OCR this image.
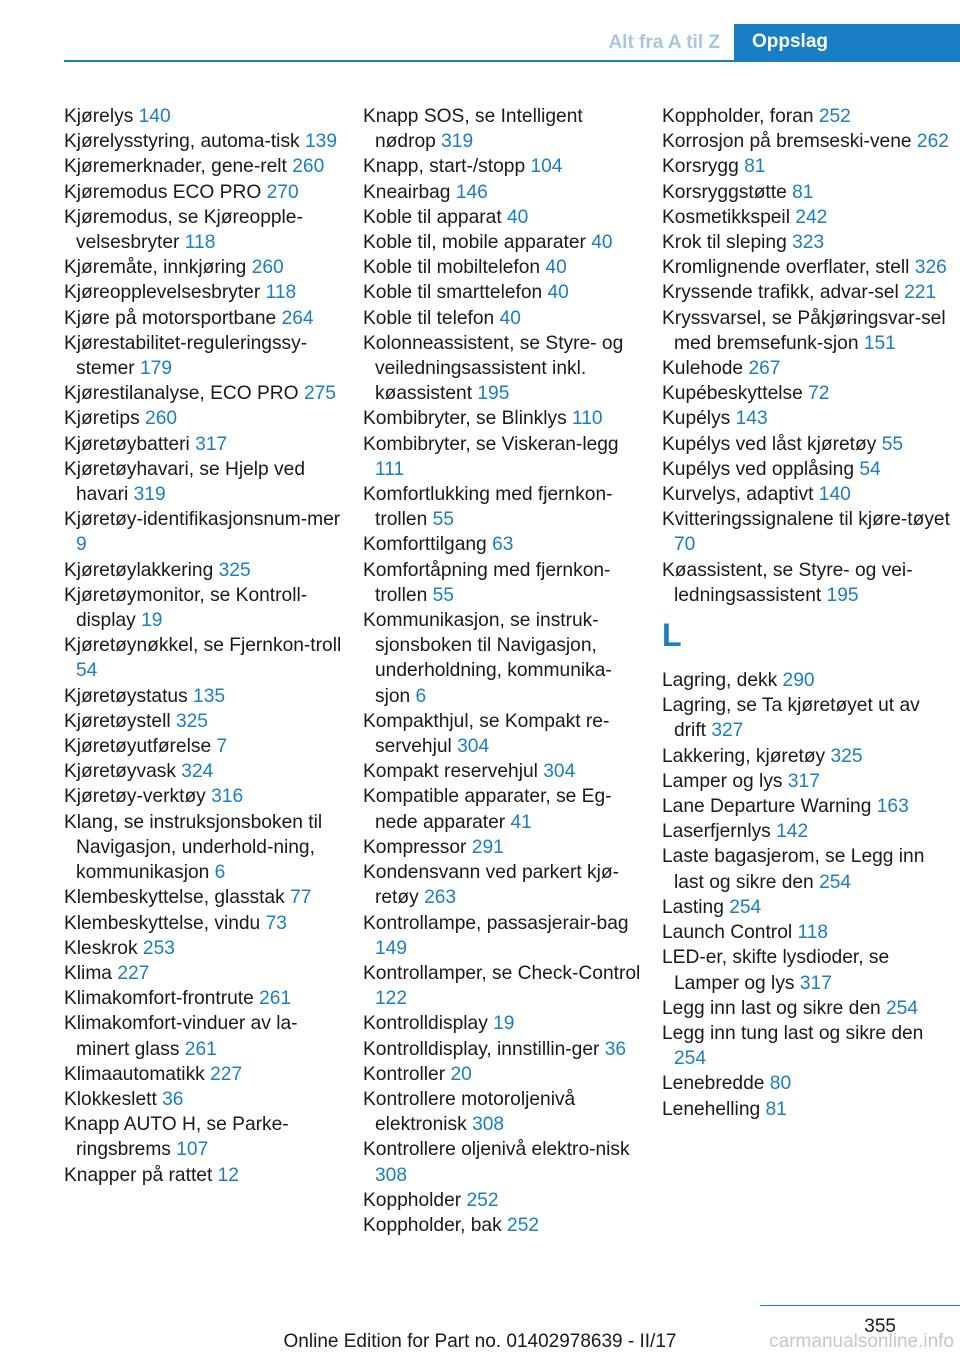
Alt fra A til Z	Oppslag

Kjørelys 140

Kjørelysstyring, automa-tisk 139

Kjøremerknader, gene-relt 260

Kjøremodus ECO PRO 270

Kjøremodus, se Kjøreopple-velsesbryter 118

Kjøremåte, innkjøring 260

Kjøreopplevelsesbryter 118

Kjøre på motorsportbane 264

Kjørestabilitet-reguleringssy-stemer 179

Kjørestilanalyse, ECO PRO 275

Kjøretips 260

Kjøretøybatteri 317

Kjøretøyhavari, se Hjelp ved havari 319

Kjøretøy-identifikasjonsnum-mer 9

Kjøretøylakkering 325

Kjøretøymonitor, se Kontroll-display 19

Kjøretøynøkkel, se Fjernkon-troll 54

Kjøretøystatus 135

Kjøretøystell 325

Kjøretøyutførelse 7

Kjøretøyvask 324

Kjøretøy-verktøy 316

Klang, se instruksjonsboken til Navigasjon, underhold-ning, kommunikasjon 6

Klembeskyttelse, glasstak 77

Klembeskyttelse, vindu 73

Kleskrok 253

Klima 227

Klimakomfort-frontrute 261

Klimakomfort-vinduer av la-minert glass 261

Klimaautomatikk 227

Klokkeslett 36

Knapp AUTO H, se Parke-ringsbrems 107

Knapper på rattet 12

Knapp SOS, se Intelligent nødrop 319

Knapp, start-/stopp 104

Kneairbag 146

Koble til apparat 40

Koble til, mobile apparater 40

Koble til mobiltelefon 40

Koble til smarttelefon 40

Koble til telefon 40

Kolonneassistent, se Styre- og veiledningsassistent inkl. køassistent 195

Kombibryter, se Blinklys 110

Kombibryter, se Viskeran-legg 111

Komfortlukking med fjernkon-trollen 55

Komforttilgang 63

Komfortåpning med fjernkon-trollen 55

Kommunikasjon, se instruk-sjonsboken til Navigasjon, underholdning, kommunika-sjon 6

Kompakthjul, se Kompakt re-servehjul 304

Kompakt reservehjul 304

Kompatible apparater, se Eg-nede apparater 41

Kompressor 291

Kondensvann ved parkert kjø-retøy 263

Kontrollampe, passasjerair-bag 149

Kontrollamper, se Check-Control 122

Kontrolldisplay 19

Kontrolldisplay, innstillin-ger 36

Kontroller 20

Kontrollere motoroljenivå elektronisk 308

Kontrollere oljenivå elektro-nisk 308

Koppholder 252

Koppholder, bak 252

Koppholder, foran 252

Korrosjon på bremseski-vene 262

Korsrygg 81

Korsryggstøtte 81

Kosmetikkspeil 242

Krok til sleping 323

Kromlignende overflater, stell 326

Kryssende trafikk, advar-sel 221

Kryssvarsel, se Påkjøringsvar-sel med bremsefunk-sjon 151

Kulehode 267

Kupébeskyttelse 72

Kupélys 143

Kupélys ved låst kjøretøy 55

Kupélys ved opplåsing 54

Kurvelys, adaptivt 140

Kvitteringssignalene til kjøre-tøyet 70

Køassistent, se Styre- og vei-ledningsassistent 195

L

Lagring, dekk 290

Lagring, se Ta kjøretøyet ut av drift 327

Lakkering, kjøretøy 325

Lamper og lys 317

Lane Departure Warning 163

Laserfjernlys 142

Laste bagasjerom, se Legg inn last og sikre den 254

Lasting 254

Launch Control 118

LED-er, skifte lysdioder, se Lamper og lys 317

Legg inn last og sikre den 254

Legg inn tung last og sikre den 254

Lenebredde 80

Lenehelling 81

355
Online Edition for Part no. 01402978639 - II/17	carmanualsonline.info
